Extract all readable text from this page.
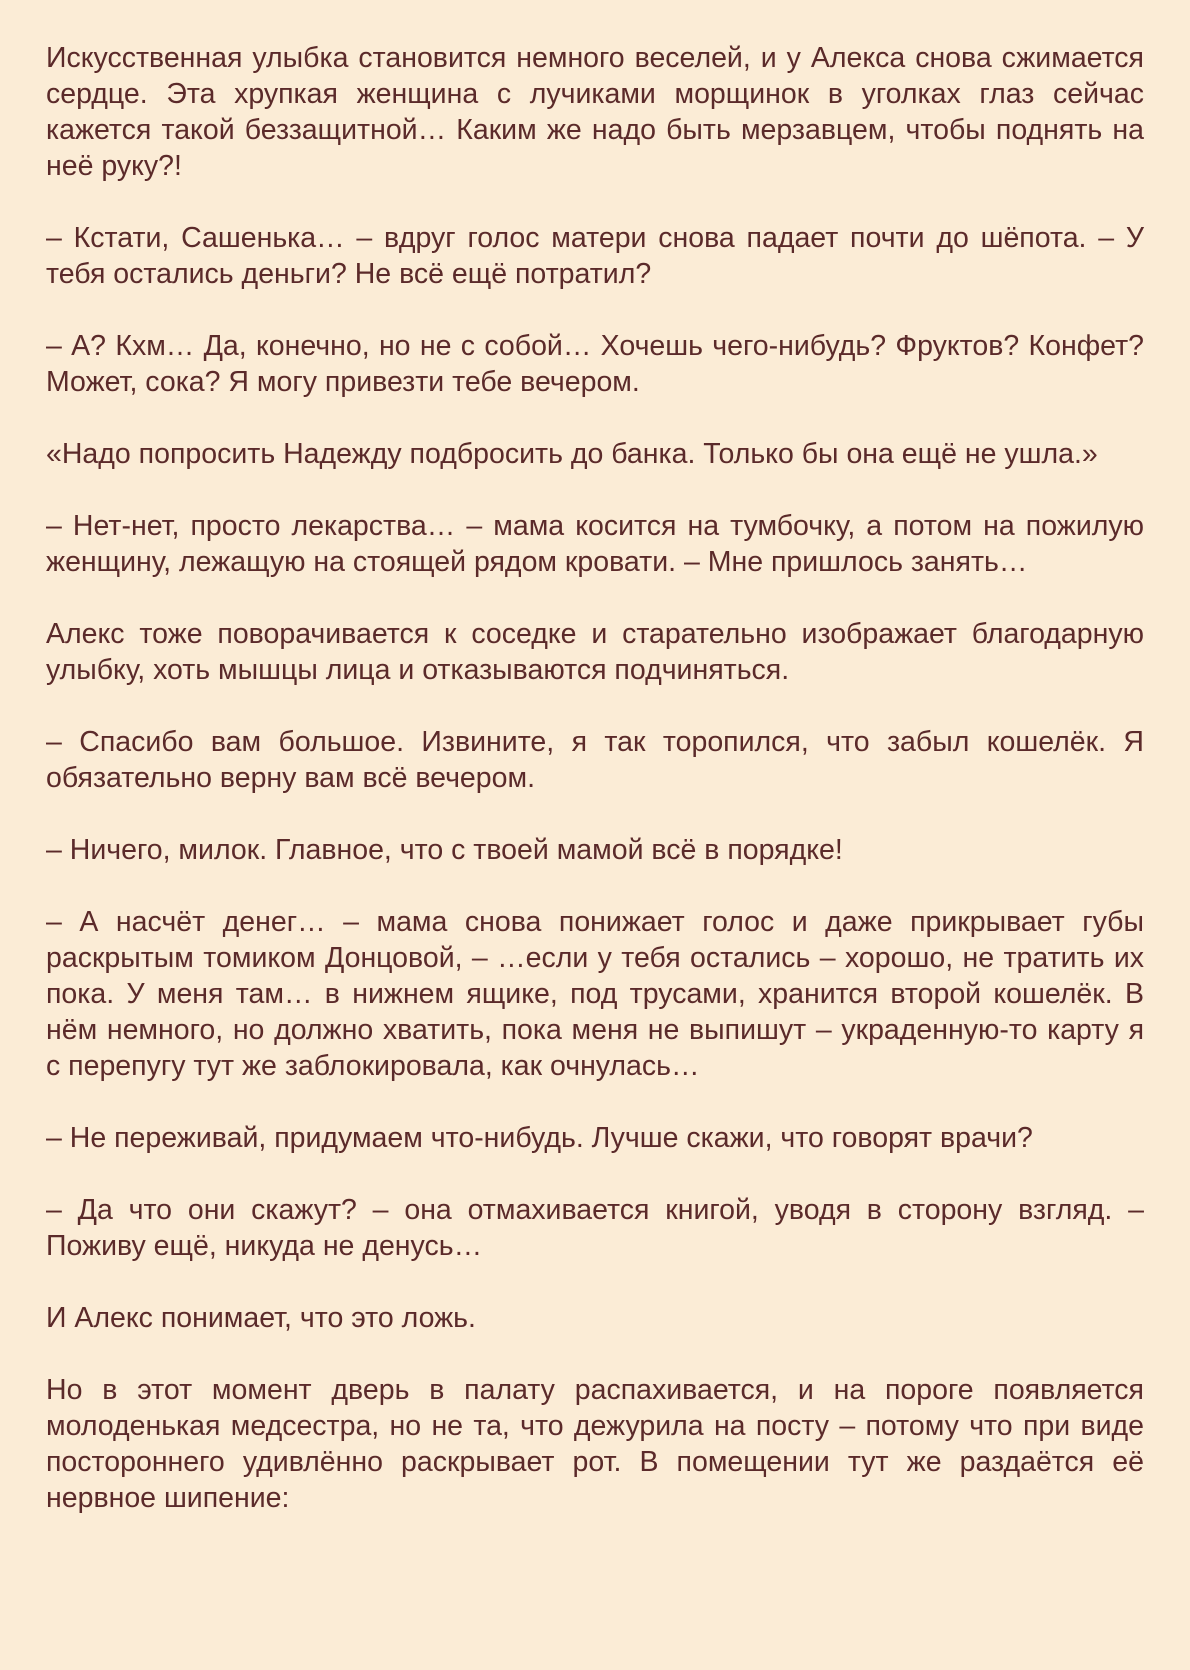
Искусственная улыбка становится немного веселей, и у Алекса снова сжимается сердце. Эта хрупкая женщина с лучиками морщинок в уголках глаз сейчас кажется такой беззащитной… Каким же надо быть мерзавцем, чтобы поднять на неё руку?!

– Кстати, Сашенька… – вдруг голос матери снова падает почти до шёпота. – У тебя остались деньги? Не всё ещё потратил?

– А? Кхм… Да, конечно, но не с собой… Хочешь чего-нибудь? Фруктов? Конфет? Может, сока? Я могу привезти тебе вечером.

«Надо попросить Надежду подбросить до банка. Только бы она ещё не ушла.»

– Нет-нет, просто лекарства… – мама косится на тумбочку, а потом на пожилую женщину, лежащую на стоящей рядом кровати. – Мне пришлось занять…

Алекс тоже поворачивается к соседке и старательно изображает благодарную улыбку, хоть мышцы лица и отказываются подчиняться.

– Спасибо вам большое. Извините, я так торопился, что забыл кошелёк. Я обязательно верну вам всё вечером.

– Ничего, милок. Главное, что с твоей мамой всё в порядке!

– А насчёт денег… – мама снова понижает голос и даже прикрывает губы раскрытым томиком Донцовой, – …если у тебя остались – хорошо, не тратить их пока. У меня там… в нижнем ящике, под трусами, хранится второй кошелёк. В нём немного, но должно хватить, пока меня не выпишут – украденную-то карту я с перепугу тут же заблокировала, как очнулась…

– Не переживай, придумаем что-нибудь. Лучше скажи, что говорят врачи?

– Да что они скажут? – она отмахивается книгой, уводя в сторону взгляд. – Поживу ещё, никуда не денусь…

И Алекс понимает, что это ложь.

Но в этот момент дверь в палату распахивается, и на пороге появляется молоденькая медсестра, но не та, что дежурила на посту – потому что при виде постороннего удивлённо раскрывает рот. В помещении тут же раздаётся её нервное шипение:
